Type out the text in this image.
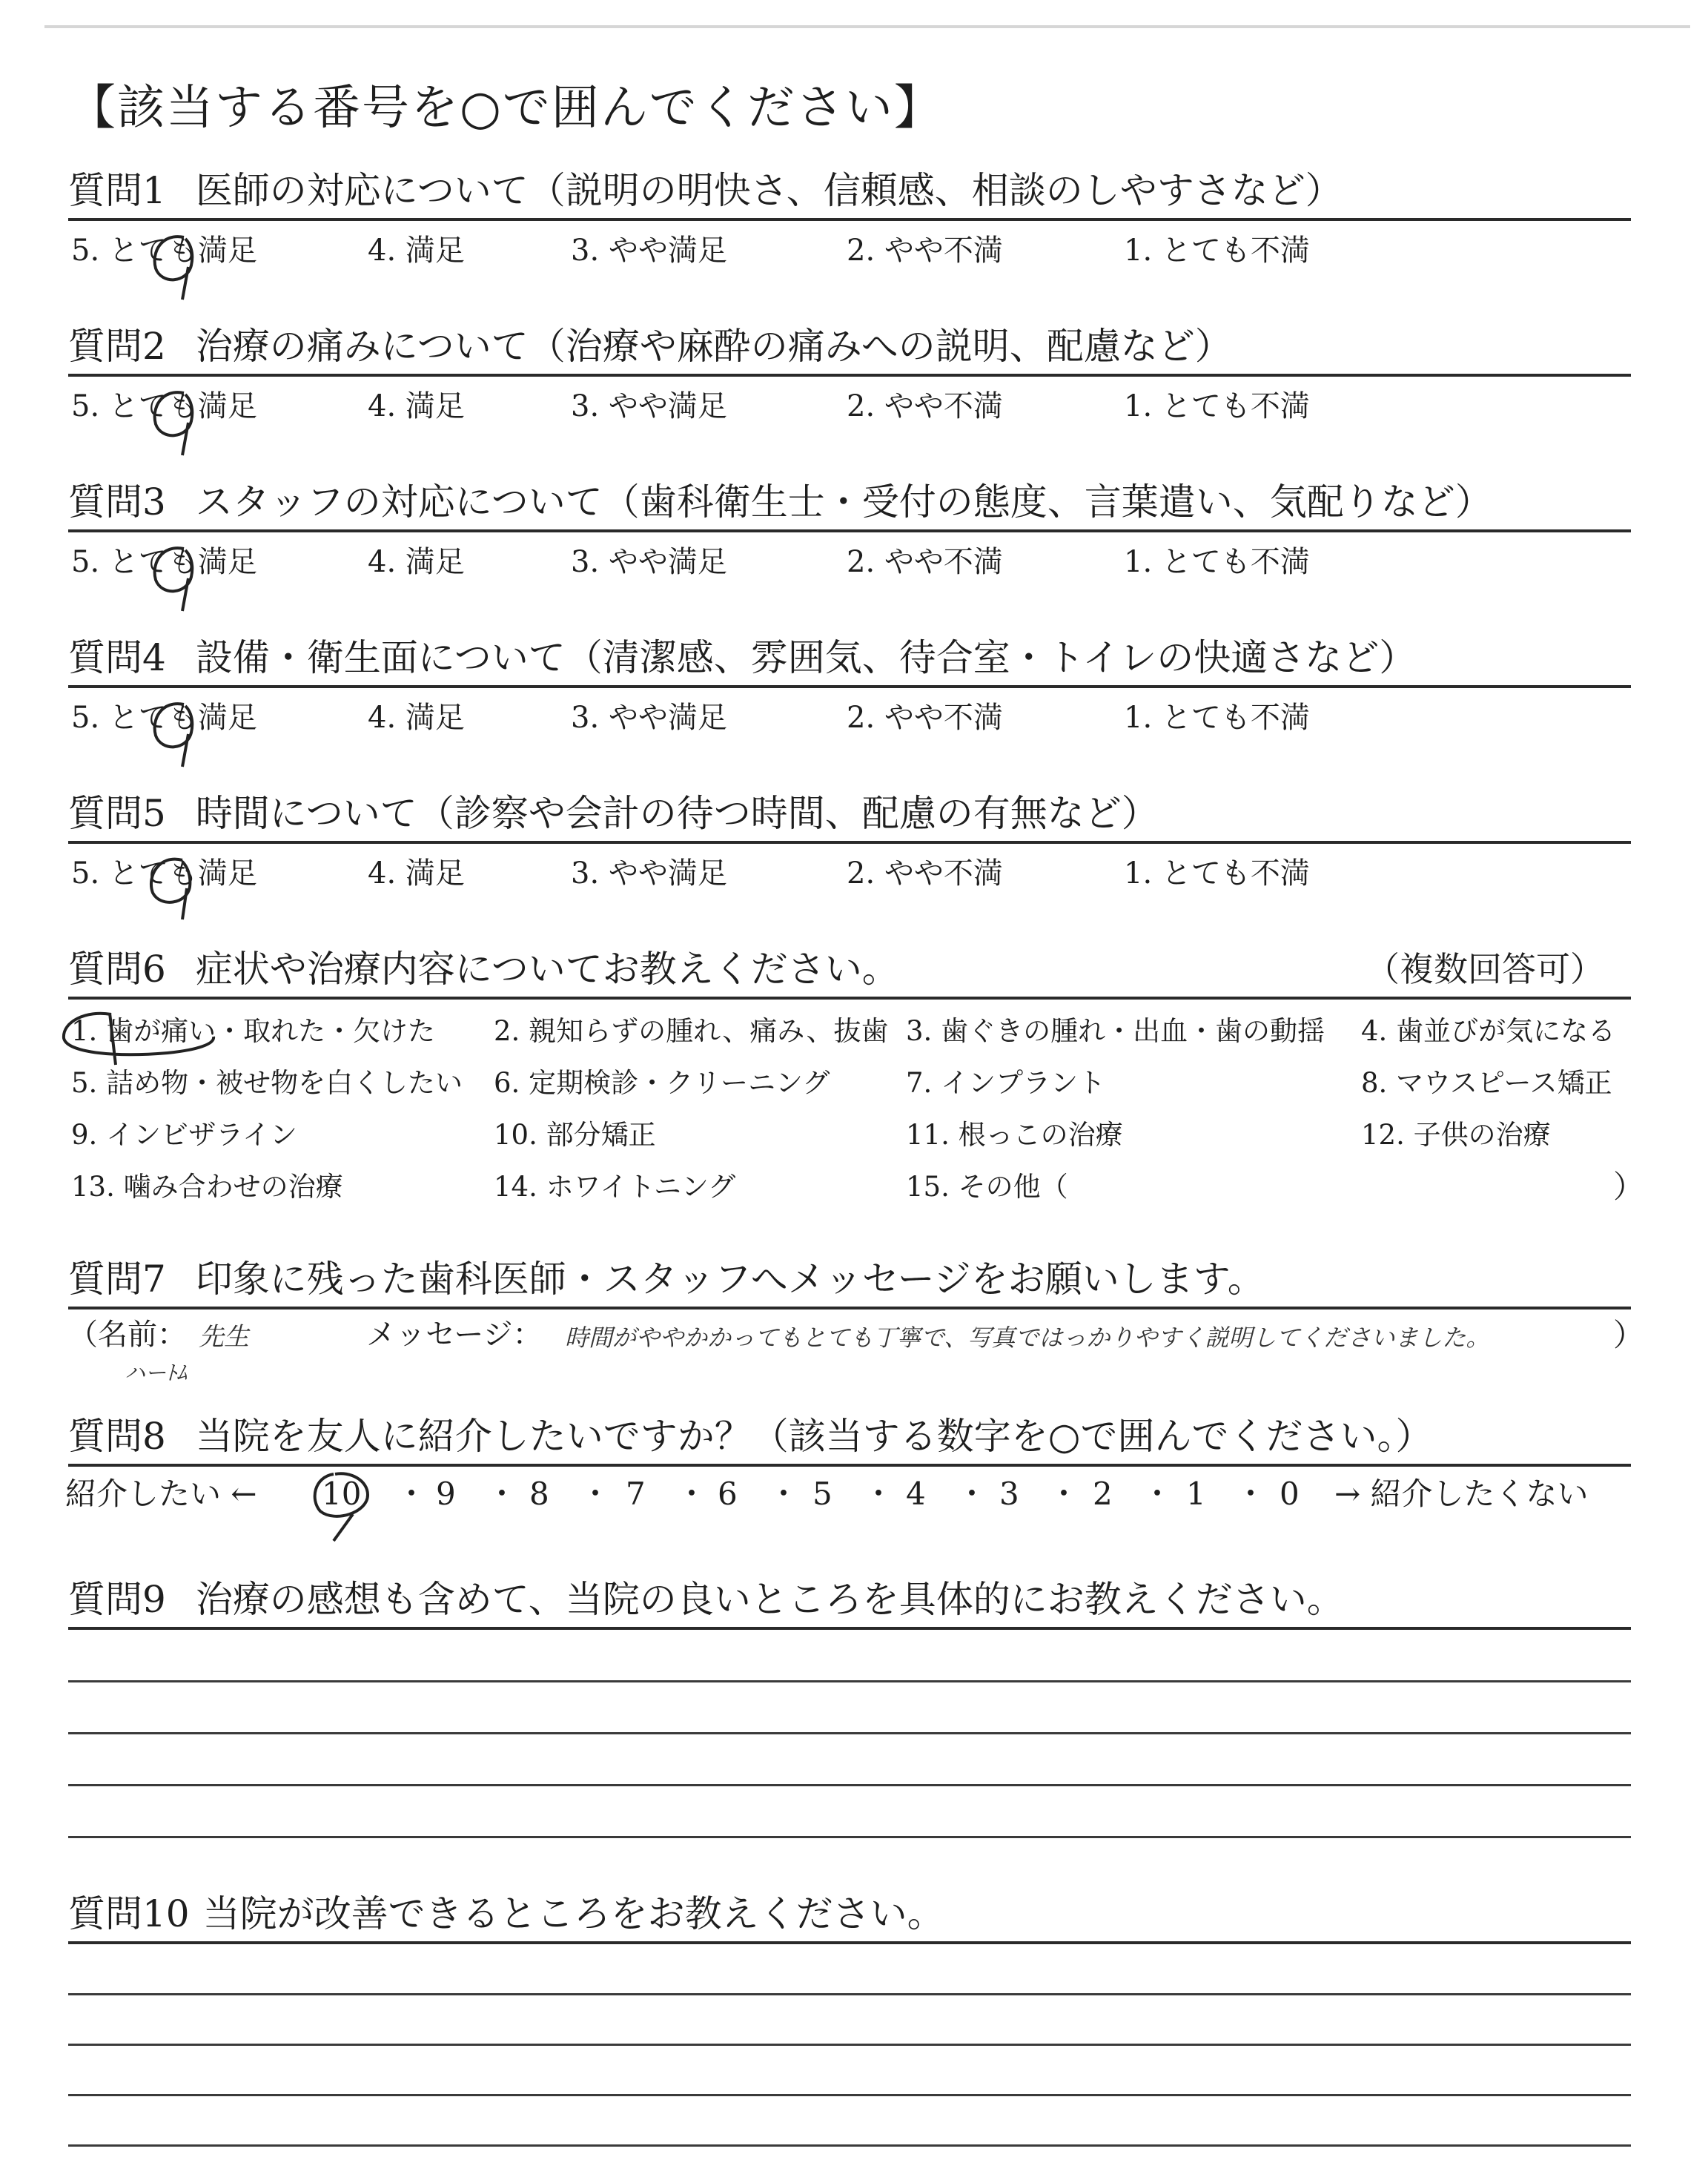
【該当する番号を○で囲んでください】
質問1 医師の対応について（説明の明快さ、信頼感、相談のしやすさなど）
5. とても満足	4. 満足	3. やや満足	2. やや不満	1. とても不満
質問2 治療の痛みについて（治療や麻酔の痛みへの説明、配慮など）
5. とても満足	4. 満足	3. やや満足	2. やや不満	1. とても不満
質問3 スタッフの対応について（歯科衛生士・受付の態度、言葉遣い、気配りなど）
5. とても満足	4. 満足	3. やや満足	2. やや不満	1. とても不満
質問4 設備・衛生面について（清潔感、雰囲気、待合室・トイレの快適さなど）
5. とても満足	4. 満足	3. やや満足	2. やや不満	1. とても不満
質問5 時間について（診察や会計の待つ時間、配慮の有無など）
5. とても満足	4. 満足	3. やや満足	2. やや不満	1. とても不満
質問6 症状や治療内容についてお教えください。	（複数回答可）
1. 歯が痛い・取れた・欠けた 2. 親知らずの腫れ、痛み、抜歯 3. 歯ぐきの腫れ・出血・歯の動揺 4. 歯並びが気になる
5. 詰め物・被せ物を白くしたい 6. 定期検診・クリーニング	7. インプラント	8. マウスピース矯正
9. インビザライン	10. 部分矯正	11. 根っこの治療	12. 子供の治療
13. 噛み合わせの治療	14. ホワイトニング	15. その他（	）
質問7 印象に残った歯科医師・スタッフへメッセージをお願いします。
（名前： 先生
ハーﾄﾑ
メッセージ： 時間がややかかってもとても丁寧で、写真ではっかりやすく説明してくださいました。	）
質問8 当院を友人に紹介したいですか？（該当する数字を○で囲んでください。）
紹介したい ← 10 ・ 9 ・ 8 ・ 7 ・ 6 ・ 5 ・ 4 ・ 3 ・ 2 ・ 1 ・ 0 → 紹介したくない
質問9 治療の感想も含めて、当院の良いところを具体的にお教えください。
質問10 当院が改善できるところをお教えください。
